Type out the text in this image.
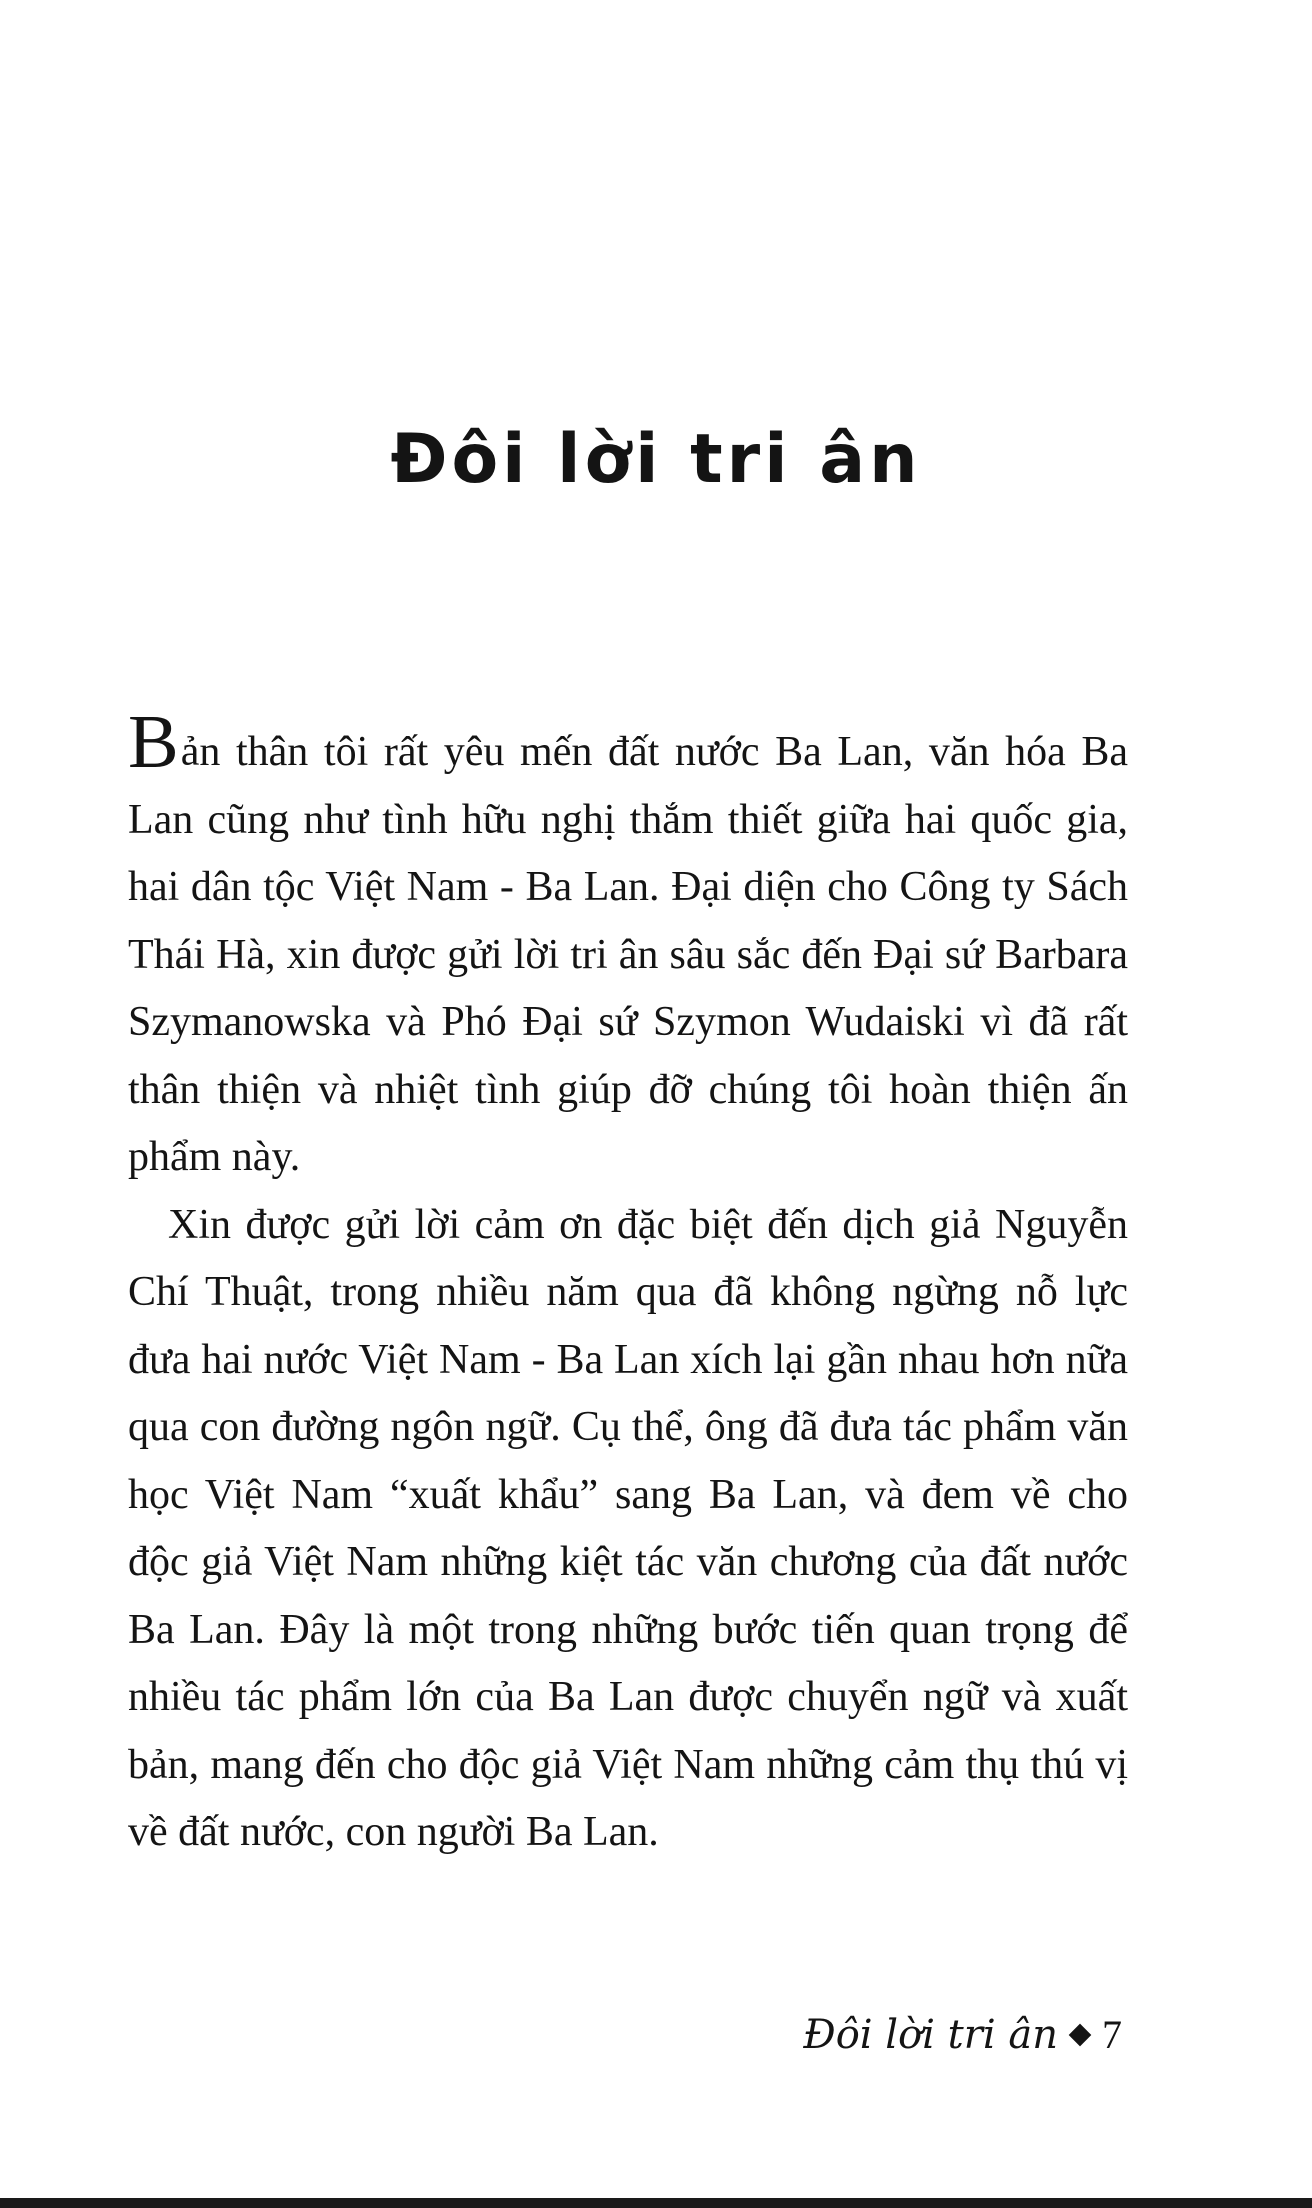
Đôi lời tri ân

Bản thân tôi rất yêu mến đất nước Ba Lan, văn hóa Ba Lan cũng như tình hữu nghị thắm thiết giữa hai quốc gia, hai dân tộc Việt Nam - Ba Lan. Đại diện cho Công ty Sách Thái Hà, xin được gửi lời tri ân sâu sắc đến Đại sứ Barbara Szymanowska và Phó Đại sứ Szymon Wudaiski vì đã rất thân thiện và nhiệt tình giúp đỡ chúng tôi hoàn thiện ấn phẩm này.

Xin được gửi lời cảm ơn đặc biệt đến dịch giả Nguyễn Chí Thuật, trong nhiều năm qua đã không ngừng nỗ lực đưa hai nước Việt Nam - Ba Lan xích lại gần nhau hơn nữa qua con đường ngôn ngữ. Cụ thể, ông đã đưa tác phẩm văn học Việt Nam “xuất khẩu” sang Ba Lan, và đem về cho độc giả Việt Nam những kiệt tác văn chương của đất nước Ba Lan. Đây là một trong những bước tiến quan trọng để nhiều tác phẩm lớn của Ba Lan được chuyển ngữ và xuất bản, mang đến cho độc giả Việt Nam những cảm thụ thú vị về đất nước, con người Ba Lan.

Đôi lời tri ân 7
